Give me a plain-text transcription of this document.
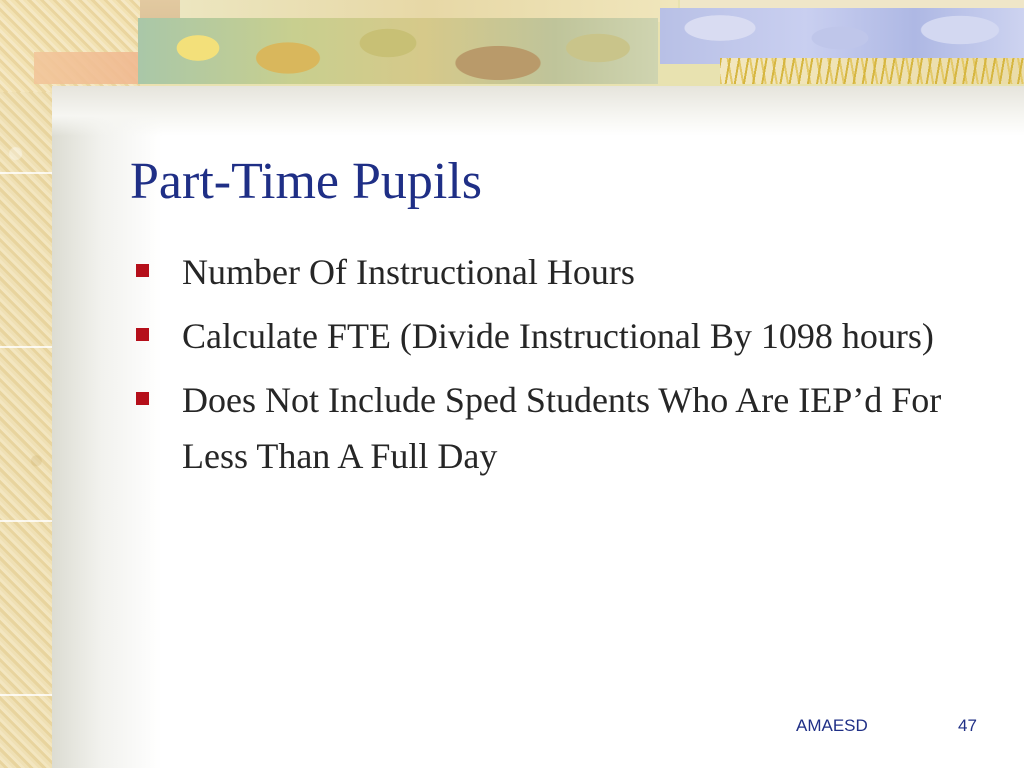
Part-Time Pupils
Number Of Instructional Hours
Calculate FTE (Divide Instructional By 1098 hours)
Does Not Include Sped Students Who Are IEP’d For Less Than A Full Day
AMAESD	47
